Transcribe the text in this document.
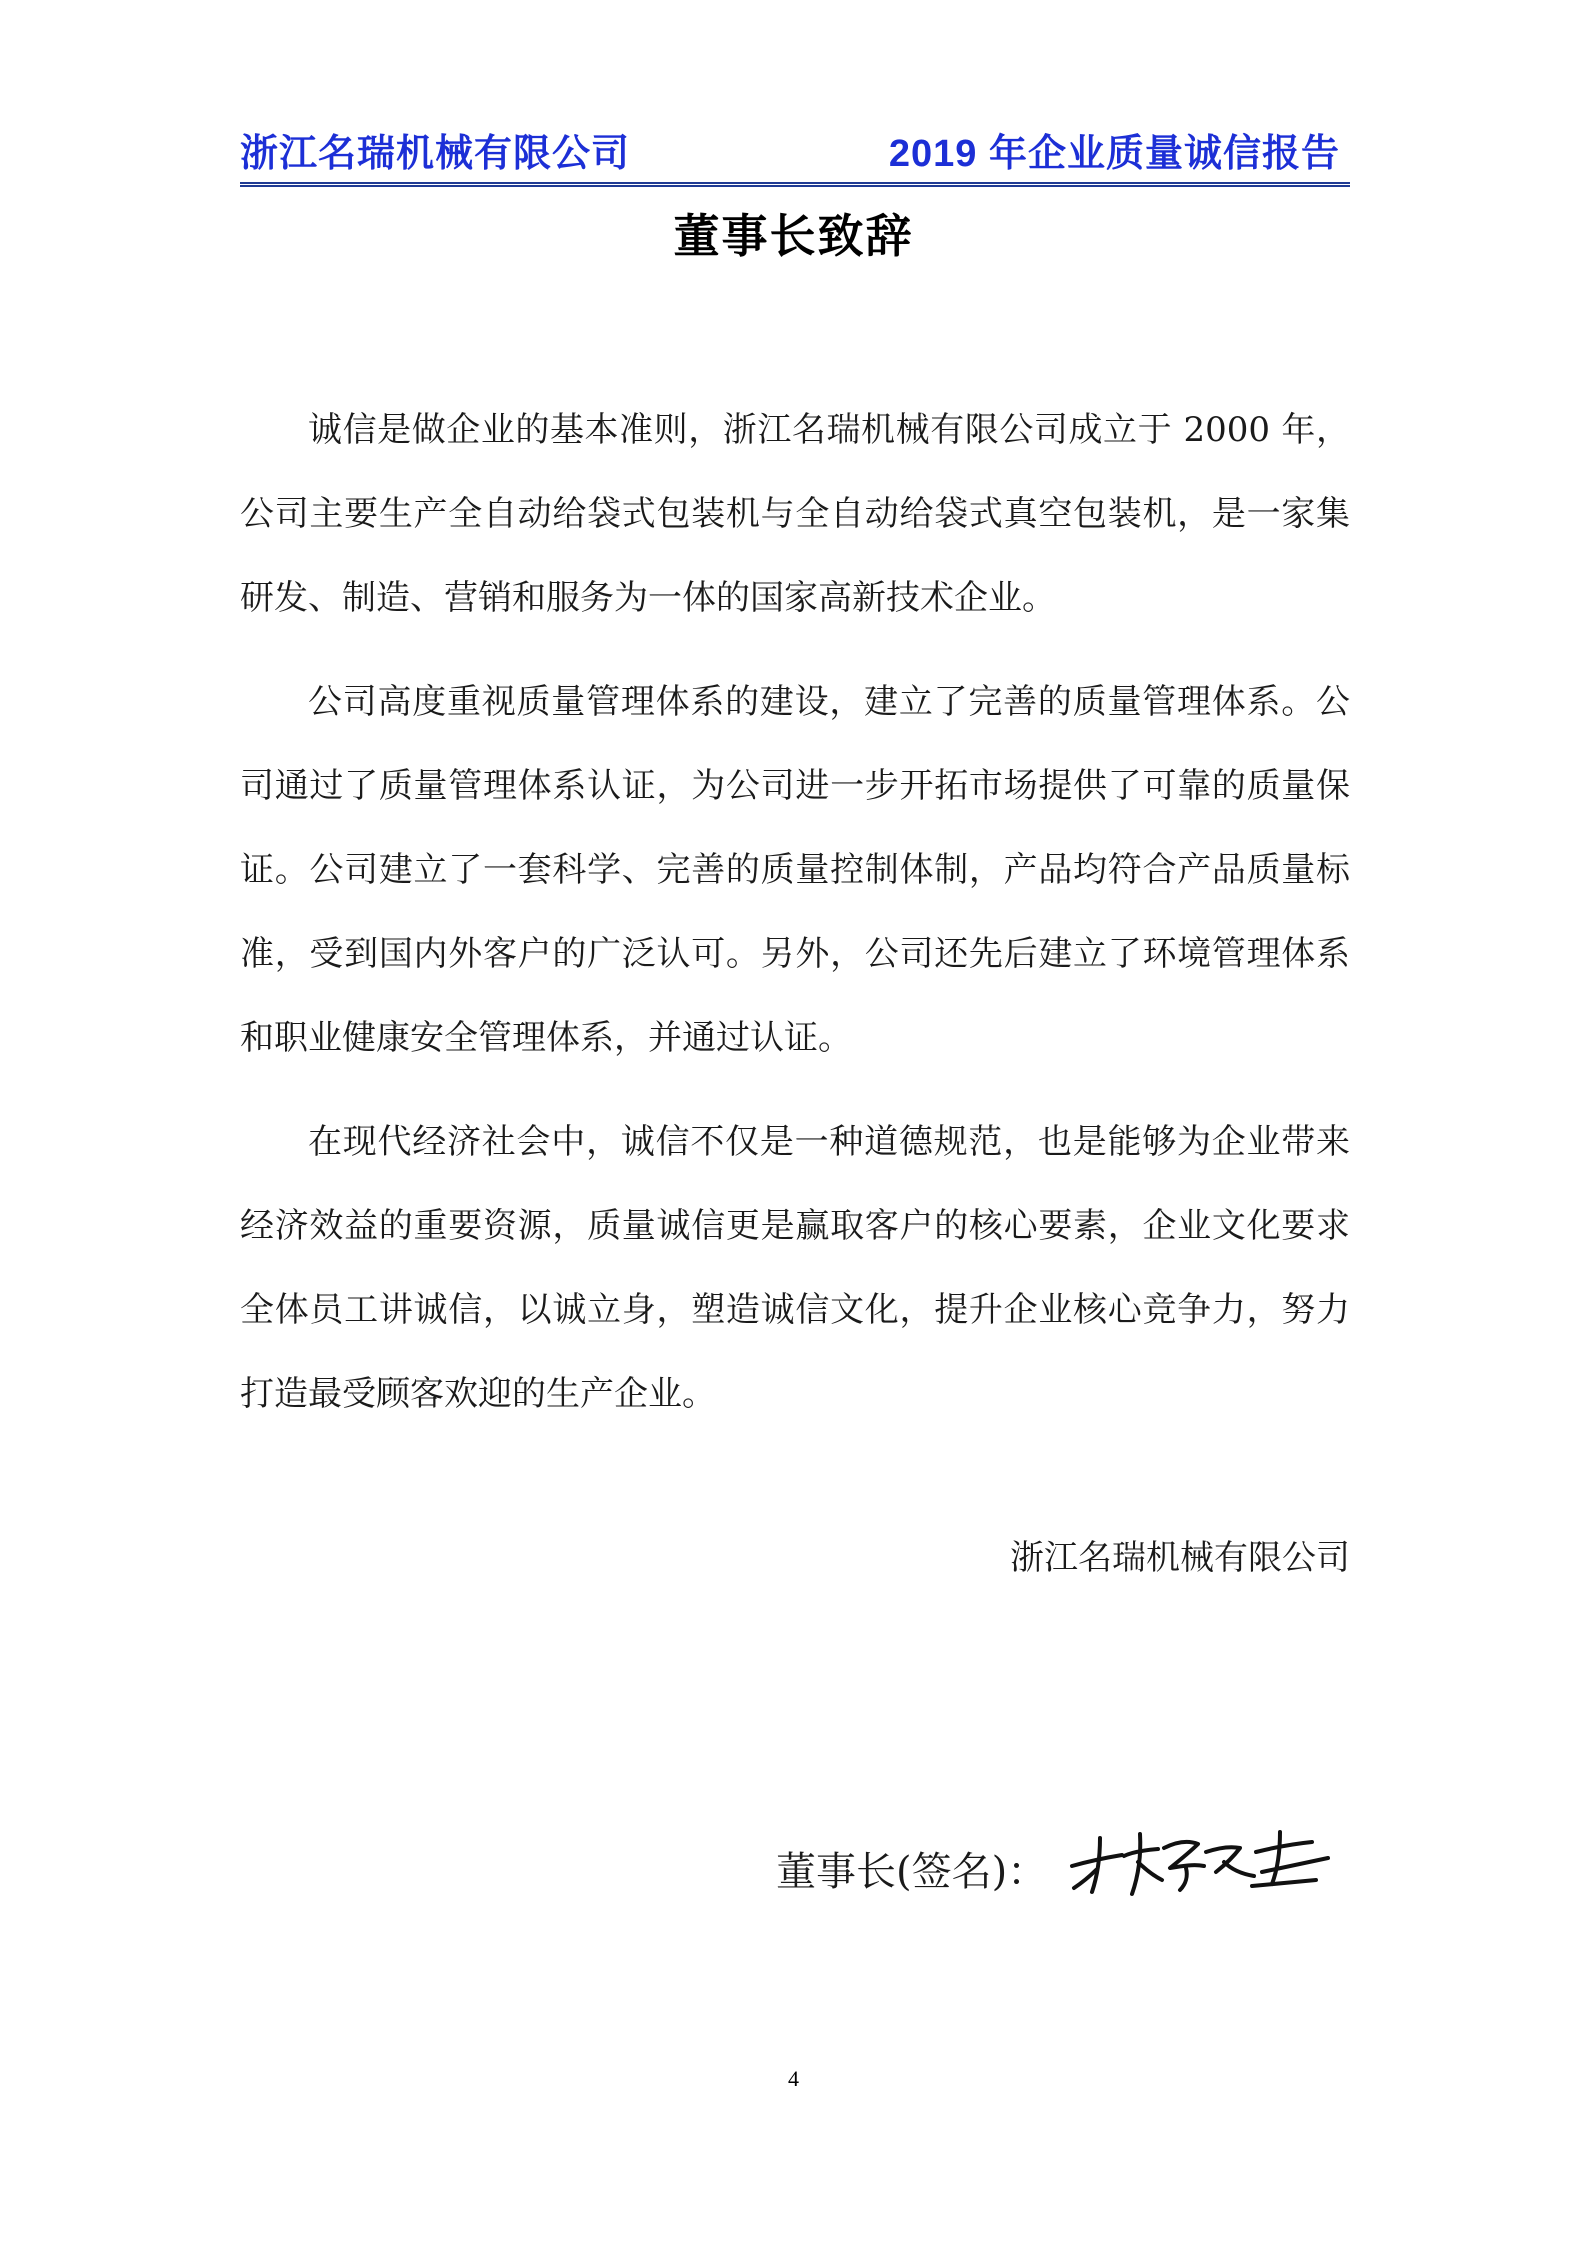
浙江名瑞机械有限公司	2019 年企业质量诚信报告
董事长致辞

诚信是做企业的基本准则，浙江名瑞机械有限公司成立于 2000 年，公司主要生产全自动给袋式包装机与全自动给袋式真空包装机，是一家集研发、制造、营销和服务为一体的国家高新技术企业。

公司高度重视质量管理体系的建设，建立了完善的质量管理体系。公司通过了质量管理体系认证，为公司进一步开拓市场提供了可靠的质量保证。公司建立了一套科学、完善的质量控制体制，产品均符合产品质量标准，受到国内外客户的广泛认可。另外，公司还先后建立了环境管理体系和职业健康安全管理体系，并通过认证。

在现代经济社会中，诚信不仅是一种道德规范，也是能够为企业带来经济效益的重要资源，质量诚信更是赢取客户的核心要素，企业文化要求全体员工讲诚信，以诚立身，塑造诚信文化，提升企业核心竞争力，努力打造最受顾客欢迎的生产企业。

浙江名瑞机械有限公司
董事长(签名)：
4
